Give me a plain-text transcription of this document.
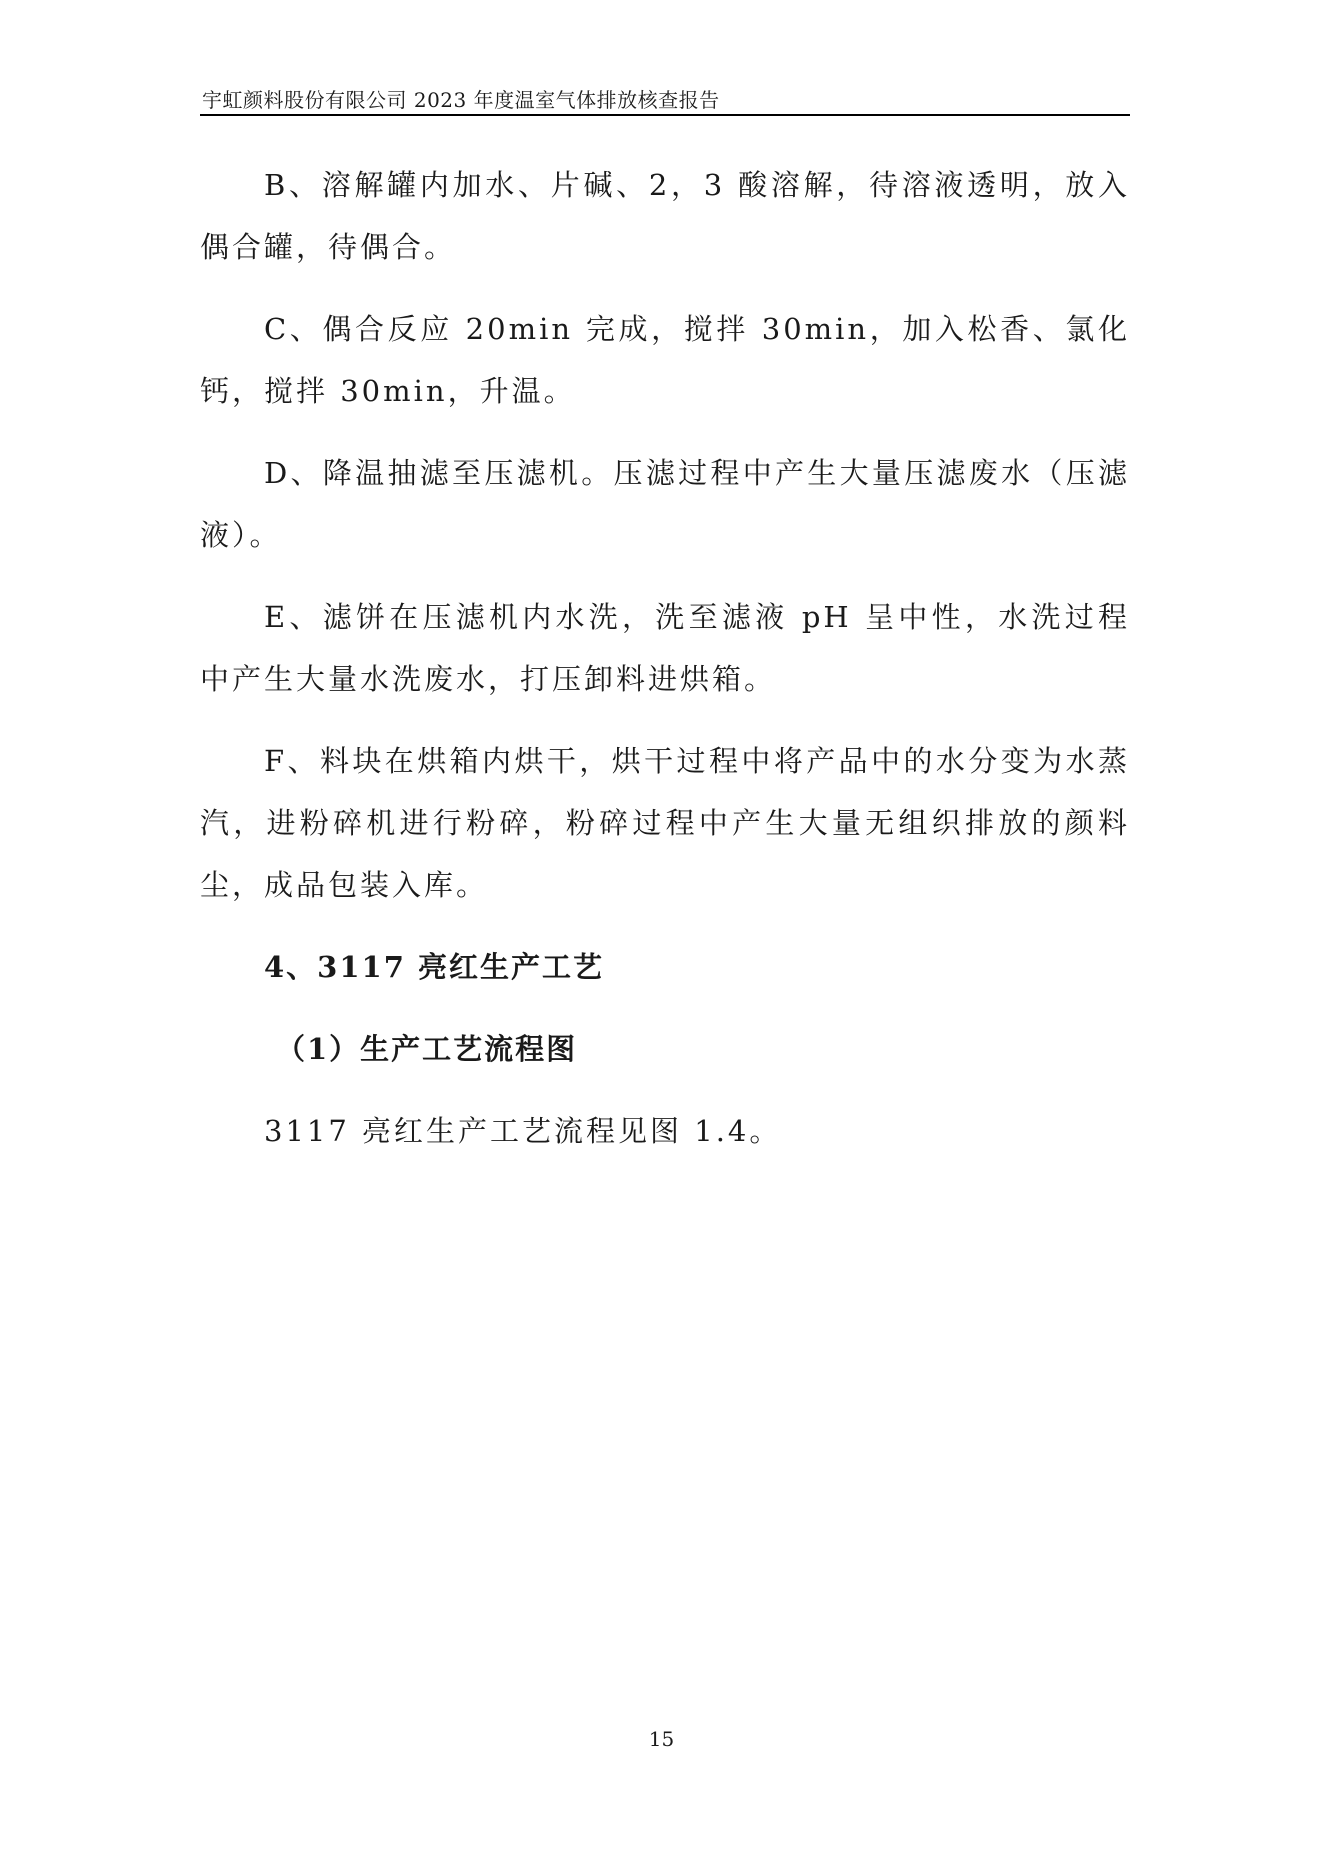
宇虹颜料股份有限公司 2023 年度温室气体排放核查报告

B、溶解罐内加水、片碱、2，3 酸溶解，待溶液透明，放入偶合罐，待偶合。

C、偶合反应 20min 完成，搅拌 30min，加入松香、氯化钙，搅拌 30min，升温。

D、降温抽滤至压滤机。压滤过程中产生大量压滤废水（压滤液）。

E、滤饼在压滤机内水洗，洗至滤液 pH 呈中性，水洗过程中产生大量水洗废水，打压卸料进烘箱。

F、料块在烘箱内烘干，烘干过程中将产品中的水分变为水蒸汽，进粉碎机进行粉碎，粉碎过程中产生大量无组织排放的颜料尘，成品包装入库。

4、3117 亮红生产工艺
（1）生产工艺流程图

3117 亮红生产工艺流程见图 1.4。

15
